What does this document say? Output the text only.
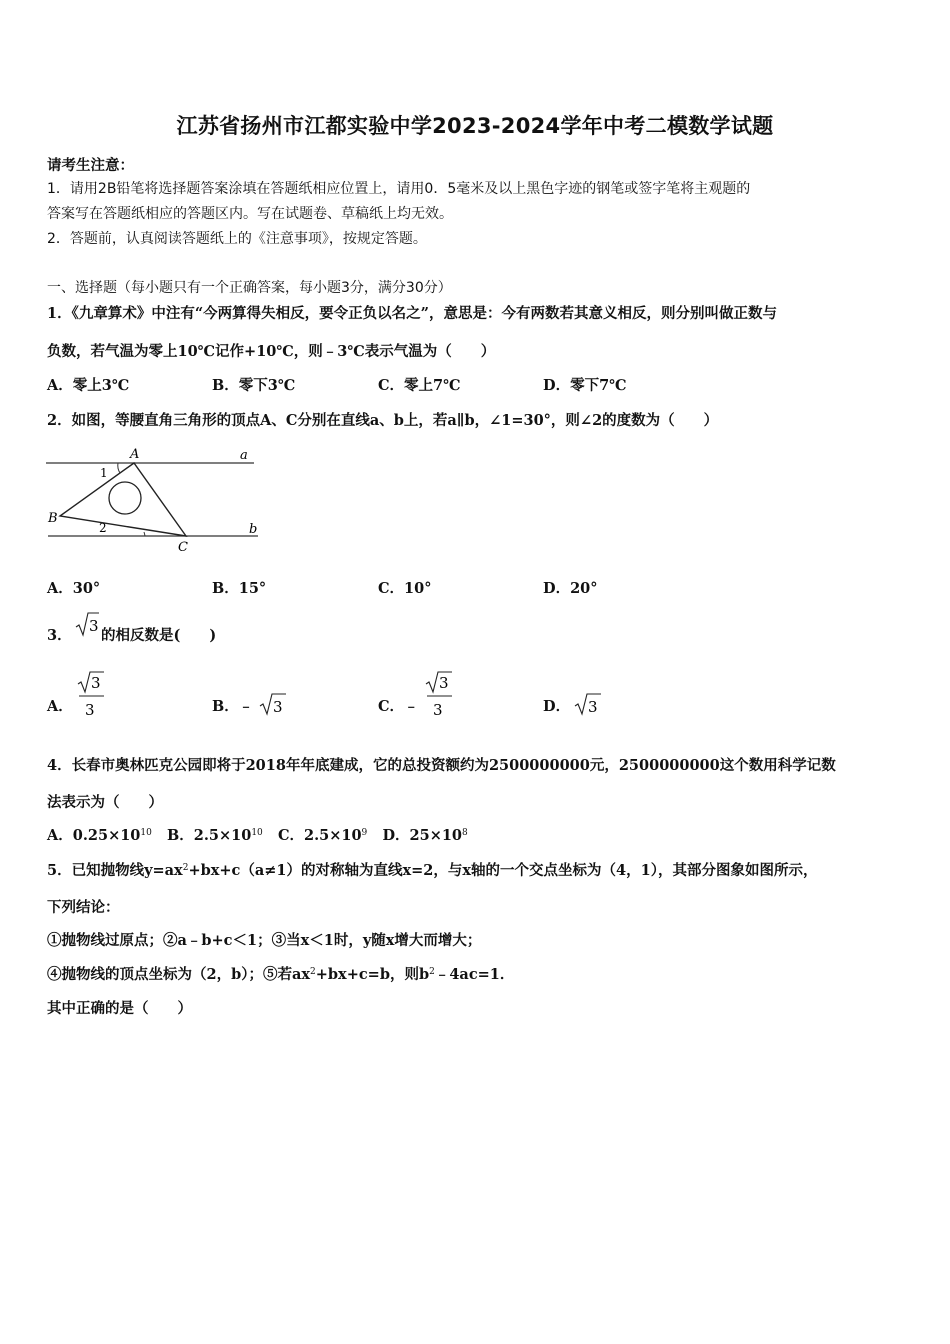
江苏省扬州市江都实验中学2023-2024学年中考二模数学试题
请考生注意：
1．请用2B铅笔将选择题答案涂填在答题纸相应位置上，请用0．5毫米及以上黑色字迹的钢笔或签字笔将主观题的
答案写在答题纸相应的答题区内。写在试题卷、草稿纸上均无效。
2．答题前，认真阅读答题纸上的《注意事项》，按规定答题。
一、选择题（每小题只有一个正确答案，每小题3分，满分30分）
1．《九章算术》中注有“今两算得失相反，要令正负以名之”，意思是：今有两数若其意义相反，则分别叫做正数与
负数，若气温为零上10℃记作+10℃，则﹣3℃表示气温为（　　）
A．零上3℃	B．零下3℃	C．零上7℃	D．零下7℃
2．如图，等腰直角三角形的顶点A、C分别在直线a、b上，若a∥b，∠1=30°，则∠2的度数为（　　）
A
B
C
a
b
1
2
A．30°	B．15°	C．10°	D．20°
3．
3
的相反数是(　　)
A．
3
3	B．﹣ 3	C．﹣
3
3	D． 3
4．长春市奥林匹克公园即将于2018年年底建成，它的总投资额约为2500000000元，2500000000这个数用科学记数
法表示为（　　）
A．$0.25\times 10^{10}$ B．$2.5\times 10^{10}$ C．$2.5\times 10^9$ D．$25\times 10^8$
5．已知抛物线$y=ax^2+bx+c(a\ne 1)$的对称轴为直线x=2，与x轴的一个交点坐标为（4，1），其部分图象如图所示，
下列结论：
①抛物线过原点；②a﹣b+c＜1；③当x＜1时，y随x增大而增大；
④抛物线的顶点坐标为（2，b）；⑤若$ax^2+bx+c=b$，则$b^2﹣4ac=1$．
其中正确的是（　　）
